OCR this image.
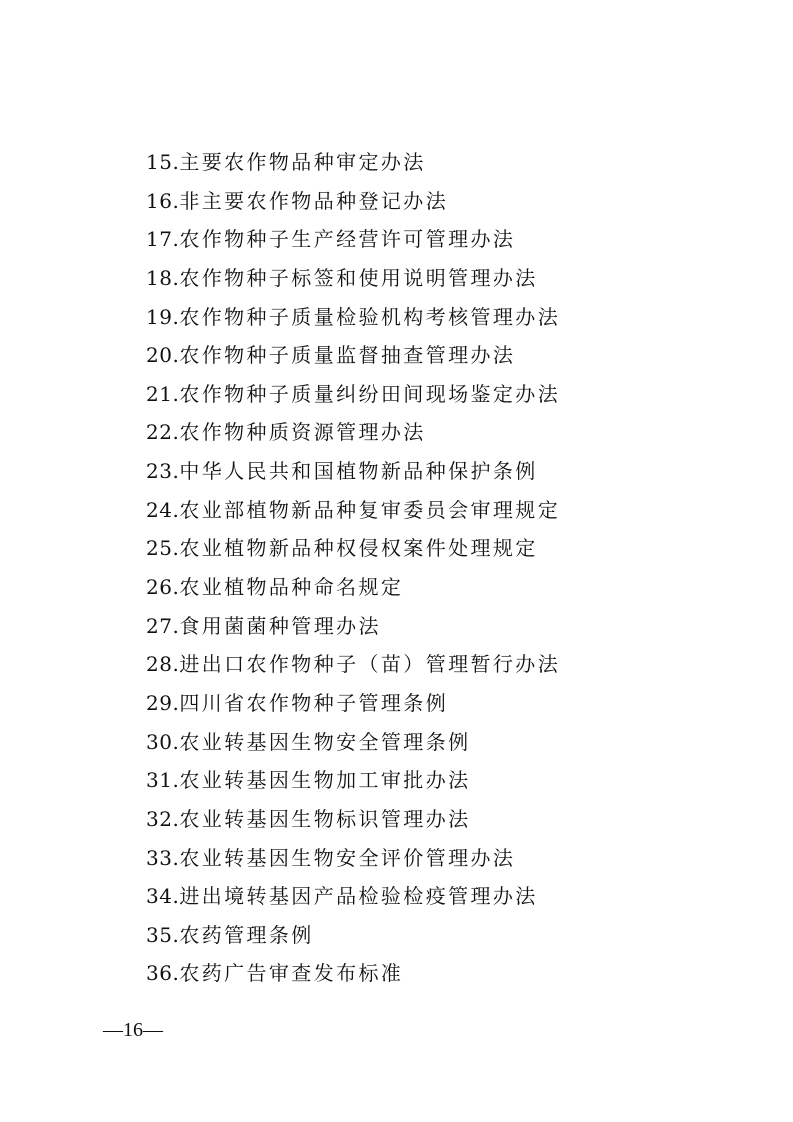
15.主要农作物品种审定办法
16.非主要农作物品种登记办法
17.农作物种子生产经营许可管理办法
18.农作物种子标签和使用说明管理办法
19.农作物种子质量检验机构考核管理办法
20.农作物种子质量监督抽查管理办法
21.农作物种子质量纠纷田间现场鉴定办法
22.农作物种质资源管理办法
23.中华人民共和国植物新品种保护条例
24.农业部植物新品种复审委员会审理规定
25.农业植物新品种权侵权案件处理规定
26.农业植物品种命名规定
27.食用菌菌种管理办法
28.进出口农作物种子（苗）管理暂行办法
29.四川省农作物种子管理条例
30.农业转基因生物安全管理条例
31.农业转基因生物加工审批办法
32.农业转基因生物标识管理办法
33.农业转基因生物安全评价管理办法
34.进出境转基因产品检验检疫管理办法
35.农药管理条例
36.农药广告审查发布标准
—16—
